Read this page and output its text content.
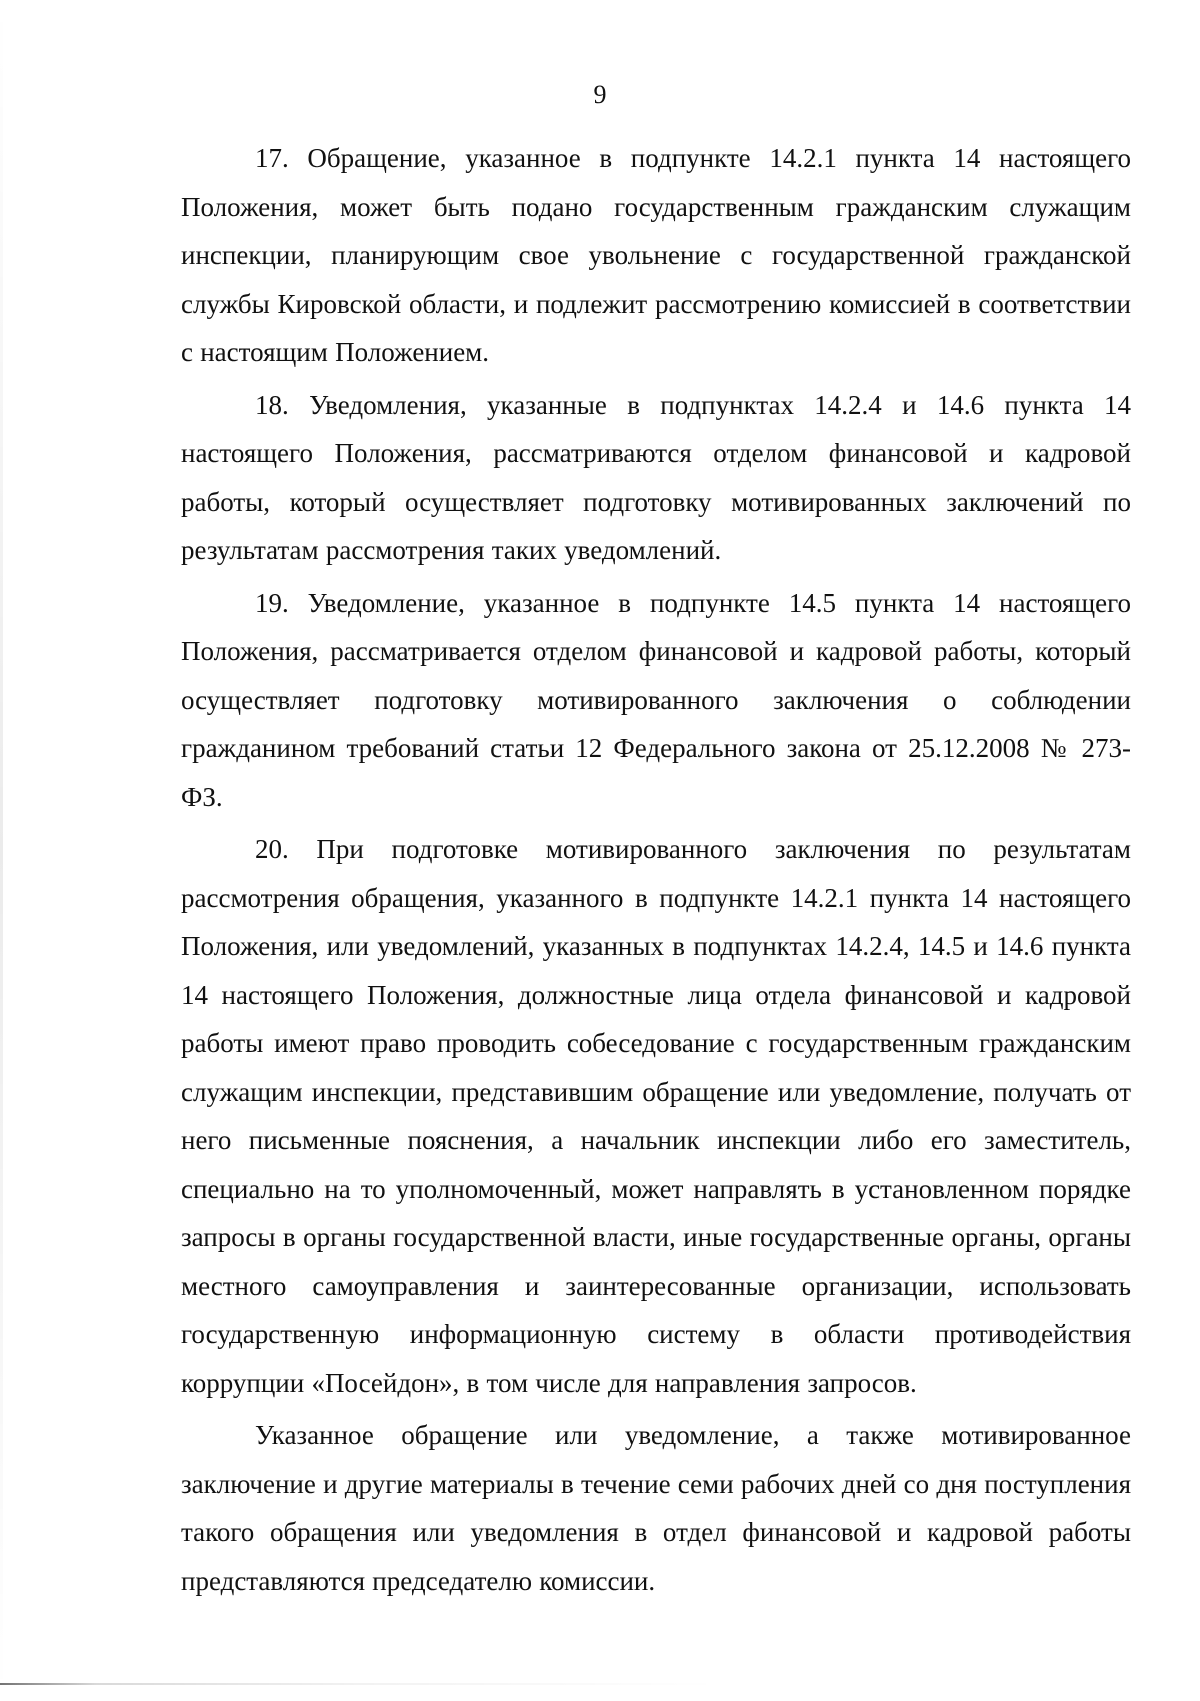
9

17. Обращение, указанное в подпункте 14.2.1 пункта 14 настоящего Положения, может быть подано государственным гражданским служащим инспекции, планирующим свое увольнение с государственной гражданской службы Кировской области, и подлежит рассмотрению комиссией в соответствии с настоящим Положением.

18. Уведомления, указанные в подпунктах 14.2.4 и 14.6 пункта 14 настоящего Положения, рассматриваются отделом финансовой и кадровой работы, который осуществляет подготовку мотивированных заключений по результатам рассмотрения таких уведомлений.

19. Уведомление, указанное в подпункте 14.5 пункта 14 настоящего Положения, рассматривается отделом финансовой и кадровой работы, который осуществляет подготовку мотивированного заключения о соблюдении гражданином требований статьи 12 Федерального закона от 25.12.2008 № 273-ФЗ.

20. При подготовке мотивированного заключения по результатам рассмотрения обращения, указанного в подпункте 14.2.1 пункта 14 настоящего Положения, или уведомлений, указанных в подпунктах 14.2.4, 14.5 и 14.6 пункта 14 настоящего Положения, должностные лица отдела финансовой и кадровой работы имеют право проводить собеседование с государственным гражданским служащим инспекции, представившим обращение или уведомление, получать от него письменные пояснения, а начальник инспекции либо его заместитель, специально на то уполномоченный, может направлять в установленном порядке запросы в органы государственной власти, иные государственные органы, органы местного самоуправления и заинтересованные организации, использовать государственную информационную систему в области противодействия коррупции «Посейдон», в том числе для направления запросов.

Указанное обращение или уведомление, а также мотивированное заключение и другие материалы в течение семи рабочих дней со дня поступления такого обращения или уведомления в отдел финансовой и кадровой работы представляются председателю комиссии.
